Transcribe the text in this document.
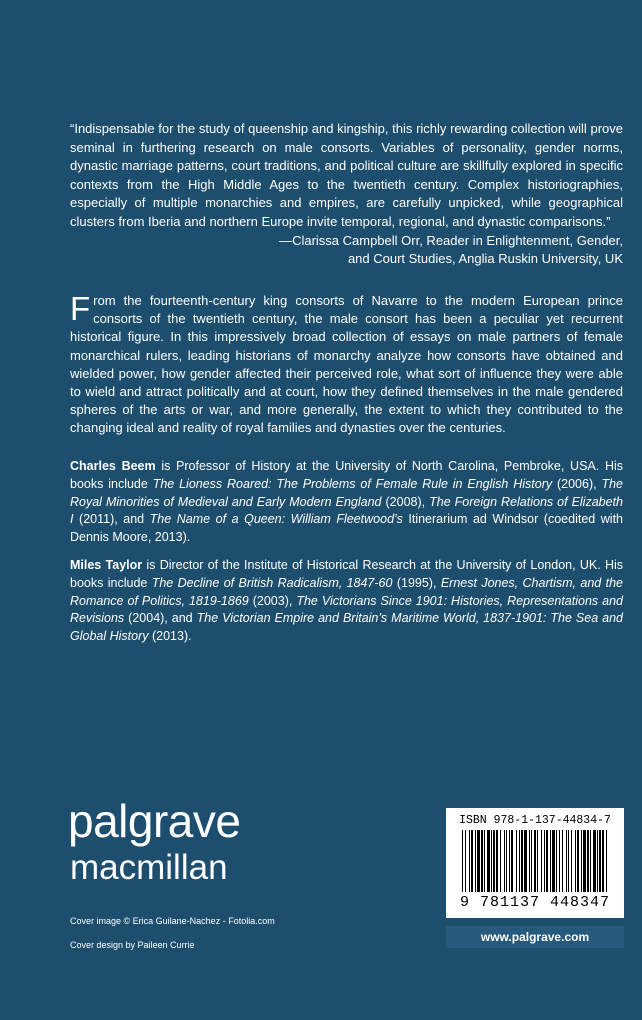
“Indispensable for the study of queenship and kingship, this richly rewarding collection will prove seminal in furthering research on male consorts. Variables of personality, gender norms, dynastic marriage patterns, court traditions, and political culture are skillfully explored in specific contexts from the High Middle Ages to the twentieth century. Complex historiographies, especially of multiple monarchies and empires, are carefully unpicked, while geographical clusters from Iberia and northern Europe invite temporal, regional, and dynastic comparisons.”

—Clarissa Campbell Orr, Reader in Enlightenment, Gender,

and Court Studies, Anglia Ruskin University, UK

From the fourteenth-century king consorts of Navarre to the modern European prince consorts of the twentieth century, the male consort has been a peculiar yet recurrent historical figure. In this impressively broad collection of essays on male partners of female monarchical rulers, leading historians of monarchy analyze how consorts have obtained and wielded power, how gender affected their perceived role, what sort of influence they were able to wield and attract politically and at court, how they defined themselves in the male gendered spheres of the arts or war, and more generally, the extent to which they contributed to the changing ideal and reality of royal families and dynasties over the centuries.
Charles Beem is Professor of History at the University of North Carolina, Pembroke, USA. His books include The Lioness Roared: The Problems of Female Rule in English History (2006), The Royal Minorities of Medieval and Early Modern England (2008), The Foreign Relations of Elizabeth I (2011), and The Name of a Queen: William Fleetwood’s Itinerarium ad Windsor (coedited with Dennis Moore, 2013).
Miles Taylor is Director of the Institute of Historical Research at the University of London, UK. His books include The Decline of British Radicalism, 1847-60 (1995), Ernest Jones, Chartism, and the Romance of Politics, 1819-1869 (2003), The Victorians Since 1901: Histories, Representations and Revisions (2004), and The Victorian Empire and Britain’s Maritime World, 1837-1901: The Sea and Global History (2013).
palgrave
macmillan
Cover image © Erica Guilane-Nachez - Fotolia.com
Cover design by Paileen Currie
ISBN 978-1-137-44834-7
9 781137 448347
www.palgrave.com
